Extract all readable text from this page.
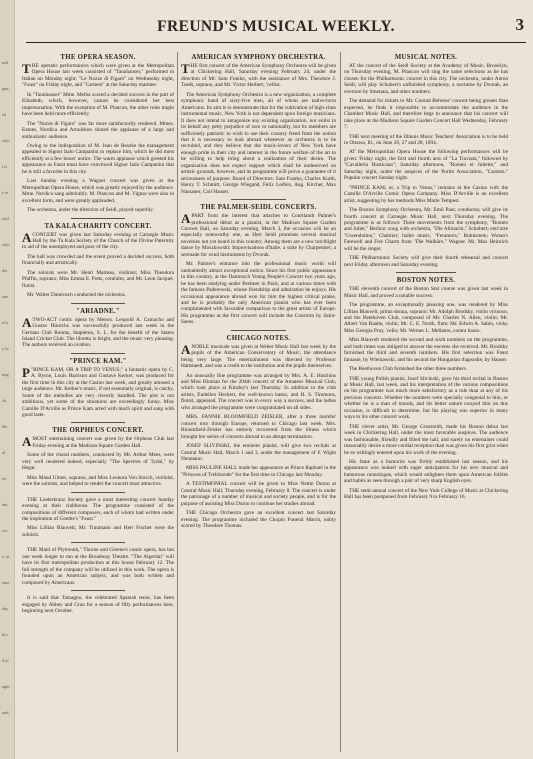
ned
gon,
ed
who
t is
e of
ried
who
the
one
n is
y in
ting
ch.
ble
al
rie
ain
wo.
e, at
ome
day
ht's
d to
ught
und,
FREUND'S MUSICAL WEEKLY.	3
THE OPERA SEASON.
THE operatic performances which were given at the Metropolitan Opera House last week consisted of "Tannhauser," performed in Italian on Monday night; "Le Nozze di Figaro" on Wednesday night, "Faust" on Friday night, and "Carmen" at the Saturday matinee.
In "Tannhauser" Mme. Melba scored a decided success in the part of Elisabeth, which, however, cannot be considered her best impersonation. With the exception of M. Plancon, the other roles might have been held more efficiently.
The "Nozze di Figaro" was far more satisfactorily rendered. Mmes. Eames, Nordica and Arnoldson shared the applause of a large and enthusiastic audience.
Owing to the indisposition of M. Jean de Reszke the management appealed to Signor Italo Campanini to replace him, which he did most efficiently at a few hours' notice. The warm applause which greeted his appearance as Faust must have convinced Signor Italo Campanini that he is still a favorite in this city.
Last Sunday evening a Wagner concert was given at the Metropolitan Opera House, which was greatly enjoyed by the audience. Mme. Nordica sang admirably. M. Plancon and M. Vignas were also in excellent form, and were greatly applauded.
The orchestra, under the direction of Seidl, played superbly.
TA KALA CHARITY CONCERT.
A CONCERT was given last Saturday evening at Carnegie Music Hall by the Ta Kala Society of the Church of the Divine Paternity in aid of the unemployed and poor of the city.
The hall was crowded and the event proved a decided success, both financially and artistically.
The soloists were Mr. Henri Marteau, violinist; Miss Theodora Pfaffin, soprano; Miss Emma E. Potts, contralto, and Mr. Leon Jacquet, flutist.
Mr. Walter Damrosch conducted the orchestra.
"ARIADNE."
A TWO-ACT comic opera by Messrs. Leopold A. Camacho and Gustav Hinrichs was successfully produced last week in the German Club Rooms, Stapleton, S. I., for the benefit of the Staten Island Cricket Club. The libretto is bright, and the music very pleasing. The authors received an ovation.
"PRINCE KAM."
P "RINCE KAM, OR A TRIP TO VENUS," a fantastic opera by C. A. Byrne, Louis Harrison and Gustave Kerker, was produced for the first time in this city at the Casino last week, and greatly amused a large audience. Mr. Kerker's music, if not essentially original, is catchy. Some of the melodies are very cleverly handled. The plot is not ambitious, yet some of the situations are exceedingly funny. Miss Camille D'Arville as Prince Kam acted with much spirit and sang with good taste.
THE ORPHEUS CONCERT.
A MOST entertaining concert was given by the Orpheus Club last Friday evening at the Madison Square Garden Hall.
Some of the choral numbers, conducted by Mr. Arthur Mees, were very well rendered indeed, especially "The Spectres of Tydal," by Hegar.
Miss Maud Ulmer, soprano, and Miss Leonora Von Stosch, violinist, were the soloists, and helped to render the concert most attractive.
THE Liederkranz Society gave a most interesting concert Sunday evening at their clubhouse. The programme consisted of the compositions of different composers, each of whom had written under the inspiration of Goethe's "Faust."
Miss Lillian Blauvelt, Mr. Traumann and Herr Fischer were the soloists.
THE Maid of Plymouth," Thorne and Greene's comic opera, has but one week longer to run at the Broadway Theatre. "The Algerian" will have its first metropolitan production at this house February 12. The full strength of the company will be utilized in this work. The opera is founded upon an American subject, and was both written and composed by Americans.
It is said that Tamagno, the celebrated Spanish tenor, has been engaged by Abbey and Grau for a season of fifty performances here, beginning next October.
AMERICAN SYMPHONY ORCHESTRA.
THE first concert of the American Symphony Orchestra will be given at Chickering Hall, Saturday evening February 24, under the direction of Mr. Sam Franko, with the assistance of Mrs. Theodore J. Toedt, soprano, and Mr. Victor Herbert, 'cellist.
The American Symphony Orchestra is a new organization, a complete symphonic band of sixty-five men, all of whom are native-born Americans. Its aim is to demonstrate that for the cultivation of high-class instrumental music, New York is not dependent upon foreign musicians. It does not intend to antagonize any existing organization, nor enlist in its behalf any petty prejudice of race or nationality, but its members are sufficiently patriotic to wish to see their country freed from the notion that it is necessary to look abroad whenever an orchestra is to be recruited, and they believe that the music-lovers of New York have enough pride in their city and interest in the future welfare of the art to be willing to help bring about a realization of their desire. The organization does not expect support which shall be undeserved on artistic grounds, however, and its programme will prove a guarantee of it seriousness of purpose. Board of Directors: Sam Franko, Charles Kurth, Henry T. Schmitt, George Wiegand, Felix Leifels, Aug. Kircher, Max Nassauer, Carl Hauser.
THE PALMER-SEIDL CONCERTS.
A PART from the interest that attaches to Courtlandt Palmer's professional debut as a pianist, at the Madison Square Garden Concert Hall, on Saturday evening, March 3, the occasion will be an especially noteworthy one, as Herr Seidl promises several musical novelties not yet heard in this country. Among them are a new torchlight dance by Moszkowski; Improvisations d'Italie, a suite by Charpentier; a serenade for wind instruments by Dvorak.
Mr. Palmer's entrance into the professional music world will undoubtedly attract exceptional notice. Since his first public appearance in this country, at the Damrosch Young People's Concert two years ago, he has been studying under Breitner in Paris, and at various times with the famous Paderewski, whose friendship and admiration he enjoys. His occasional appearance abroad won for him the highest critical praise, and he is probably the only American pianist who has ever been complimented with favorable comparison to the great artists of Europe. His programme at the first concert will include the Concerto by Saint-Saens.
CHICAGO NOTES.
A NOBLE musicale was given at Weber Music Hall last week by the pupils of the American Conservatory of Music, the attendance being very large. The entertainment was directed by Professor Hattstaedt, and was a credit to the institution and the pupils themselves.
An unusually fine programme was arranged by Mrs. A. E. Hutchins and Miss Hinman for the 204th concert of the Amateur Musical Club, which took place at Kinsley's last Thursday. In addition to the club artists, Eudellen Heckert, the well-known basso, and H. S. Timmons, flutist, appeared. The concert was in every way a success, and the ladies who arranged the programme were congratulated on all sides.
MRS. FANNIE BLOOMFIELD ZEISLER, after a three months' concert tour through Europe, returned to Chicago last week. Mrs. Bloomfield-Zeisler has entirely recovered from the illness which brought her series of concerts abroad to an abrupt termination.
JOSEF SLIVINSKI, the eminent pianist, will give two recitals at Central Music Hall, March 1 and 3, under the management of F. Wight Neumann.
MISS PAULINE HALL made her appearance as Prince Raphael in the "Princess of Trebizonde" for the first time in Chicago last Monday.
A TESTIMONIAL concert will be given to Miss Nettie Durno at Central Music Hall, Thursday evening, February 8. The concert is under the patronage of a number of musical and society people, and is for the purpose of assisting Miss Durno to continue her studies abroad.
THE Chicago Orchestra gave an excellent concert last Saturday evening. The programme included the Chopin Funeral March, nobly scored by Theodore Thomas.
MUSICAL NOTES.
AT the concert of the Seidl Society at the Academy of Music, Brooklyn, on Thursday evening, M. Plancon will sing the same selections as he has chosen for the Philharmonic concert in this city. The orchestra, under Anton Seidl, will play Schubert's unfinished symphony, a nocturne by Dvorak, an overture by Smetana, and other numbers.
The demand for tickets to Mr. Conrad Behrens' concert being greater than expected, he finds it impossible to accommodate the audience in the Chamber Music Hall, and therefore begs to announce that his concert will take place at the Madison Square Garden Concert Hall Wednesday, February 7.
THE next meeting of the Illinois Music Teachers' Association is to be held in Ottawa, Ill., on June 26, 27 and 28, 1894.
AT the Metropolitan Opera House the following performances will be given: Friday night, the first and fourth acts of "La Traviata," followed by "Cavalleria Rusticana"; Saturday afternoon, "Romeo et Juliette," and Saturday night, under the auspices of the Purim Association, "Carmen." Popular concert Sunday night.
"PRINCE KAM; or, a Trip to Venus," remains at the Casino with the Camille D'Arville Comic Opera Company. Miss D'Arville is an excellent artist, suggesting by her methods Miss Marie Tempest.
The Boston Symphony Orchestra, Mr. Emil Paur, conductor, will give its fourth concert at Carnegie Music Hall, next Thursday evening. The programme is as follows: Three movements from the symphony, "Romeo and Juliet," Berlioz; song with orchestra, "Die Allmacht," Schubert; entr'acte "Gwendoline," Chabrier; ballet music, "Feramors," Rubinstein; Wotan's Farewell and Fire Charm from "Die Walküre," Wagner. Mr. Max Heinrich will be the singer.
THE Philharmonic Society will give their fourth rehearsal and concert next Friday afternoon and Saturday evening.
BOSTON NOTES.
THE eleventh concert of the Boston Star course was given last week in Music Hall, and proved a notable success.
The programme, an exceptionally pleasing one, was rendered by Miss Lillian Blauvelt, prima donna, soprano; Mr. Adolph Brodsky, violin virtuoso, and the Beethoven Club, composed of Mr. Charles N. Allen, violin; Mr. Albert Van Raalte, violin; Mr. C. E. North, flute; Mr. Edwin A. Sabin, viola; Miss Georgia Pray, 'cello; Mr. Werner L. Mellamo, contra basso.
Miss Blauvelt rendered the second and sixth numbers on the programme, and both times was obliged to answer the encores she received. Mr. Brodsky furnished the third and seventh numbers. His first selection was Faust fantasie, by Wieniawski, and his second the Hungarian rhapsodie, by Hauser.
The Beethoven Club furnished the other three numbers.
THE young Polish pianist, Josef Slivinski, gave his third recital in Boston at Music Hall, last week, and his interpretation of the various compositions on his programme was much more satisfactory as a rule than at any of his previous concerts. Whether the numbers were specially congenial to him, or whether he is a man of moods, and his better nature swayed him on this occasion, is difficult to determine, but his playing was superior in many ways to his other concert work.
THE clever artist, Mr. George Grossmith, made his Boston debut last week in Chickering Hall, under the most favorable auspices. The audience was fashionable, friendly and filled the hall, and surely no entertainer could reasonably desire a more cordial reception than was given his first grist when he so willingly entered upon his work of the evening.
His fame as a humorist was firmly established last season, and his appearance was looked with eager anticipation for his new musical and humorous monologue, which would enlighten them upon American foibles and habits as seen through a pair of very sharp English eyes.
THE semi-annual concert of the New York College of Music at Chickering Hall has been postponed from February 9 to February 16.
